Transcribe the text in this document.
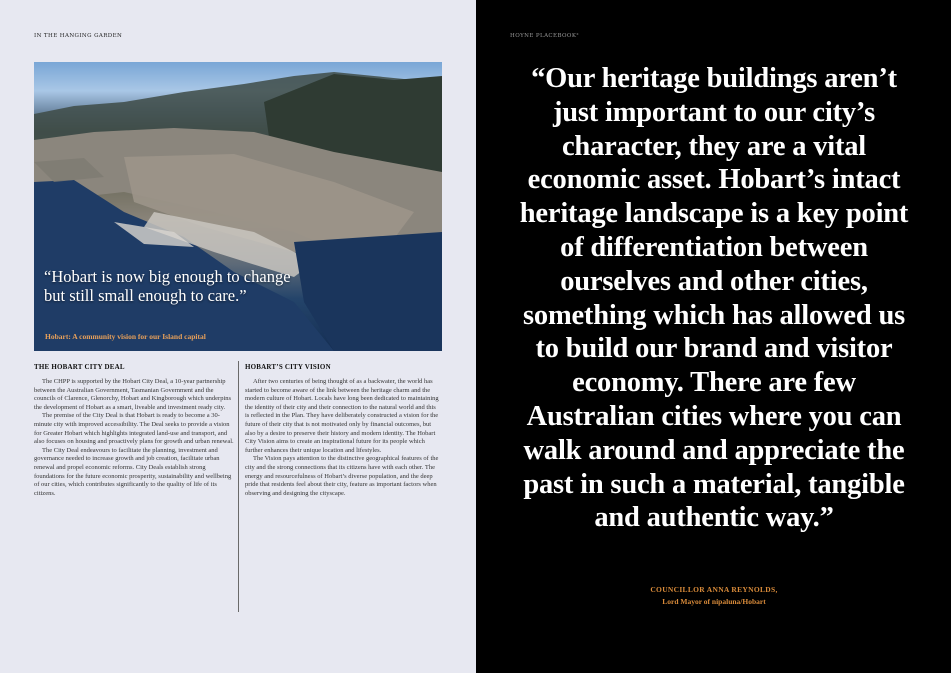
IN THE HANGING GARDEN

“Hobart is now big enough to change but still small enough to care.”

Hobart: A community vision for our Island capital

THE HOBART CITY DEAL

The CHPP is supported by the Hobart City Deal, a 10-year partnership between the Australian Government, Tasmanian Government and the councils of Clarence, Glenorchy, Hobart and Kingborough which underpins the development of Hobart as a smart, liveable and investment ready city.

The premise of the City Deal is that Hobart is ready to become a 30-minute city with improved accessibility. The Deal seeks to provide a vision for Greater Hobart which highlights integrated land-use and transport, and also focuses on housing and proactively plans for growth and urban renewal.

The City Deal endeavours to facilitate the planning, investment and governance needed to increase growth and job creation, facilitate urban renewal and propel economic reforms. City Deals establish strong foundations for the future economic prosperity, sustainability and wellbeing of our cities, which contributes significantly to the quality of life of its citizens.

HOBART’S CITY VISION

After two centuries of being thought of as a backwater, the world has started to become aware of the link between the heritage charm and the modern culture of Hobart. Locals have long been dedicated to maintaining the identity of their city and their connection to the natural world and this is reflected in the Plan. They have deliberately constructed a vision for the future of their city that is not motivated only by financial outcomes, but also by a desire to preserve their history and modern identity. The Hobart City Vision aims to create an inspirational future for its people which further enhances their unique location and lifestyles.

The Vision pays attention to the distinctive geographical features of the city and the strong connections that its citizens have with each other. The energy and resourcefulness of Hobart’s diverse population, and the deep pride that residents feel about their city, feature as important factors when observing and designing the cityscape.

HOYNE PLACEBOOK²

“Our heritage buildings aren’t just important to our city’s character, they are a vital economic asset. Hobart’s intact heritage landscape is a key point of differentiation between ourselves and other cities, something which has allowed us to build our brand and visitor economy. There are few Australian cities where you can walk around and appreciate the past in such a material, tangible and authentic way.”

COUNCILLOR ANNA REYNOLDS,
Lord Mayor of nipaluna/Hobart
